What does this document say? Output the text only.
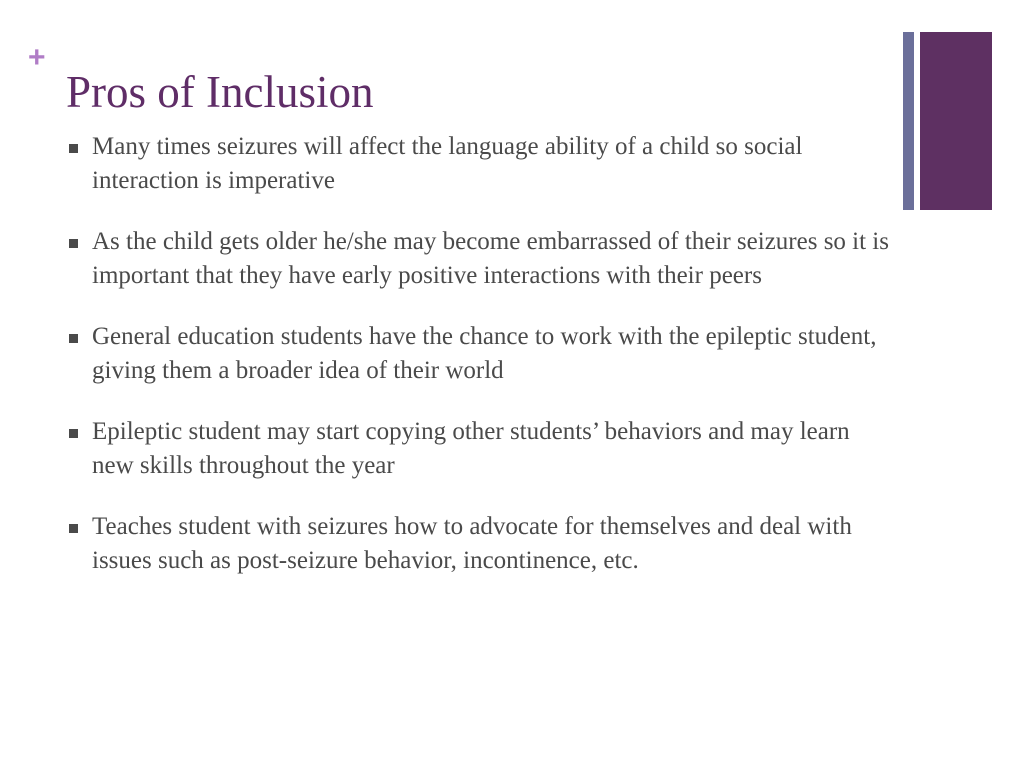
+
Pros of Inclusion
Many times seizures will affect the language ability of a child so social interaction is imperative
As the child gets older he/she may become embarrassed of their seizures so it is important that they have early positive interactions with their peers
General education students have the chance to work with the epileptic student, giving them a broader idea of their world
Epileptic student may start copying other students’ behaviors and may learn new skills throughout the year
Teaches student with seizures how to advocate for themselves and deal with issues such as post-seizure behavior, incontinence, etc.
